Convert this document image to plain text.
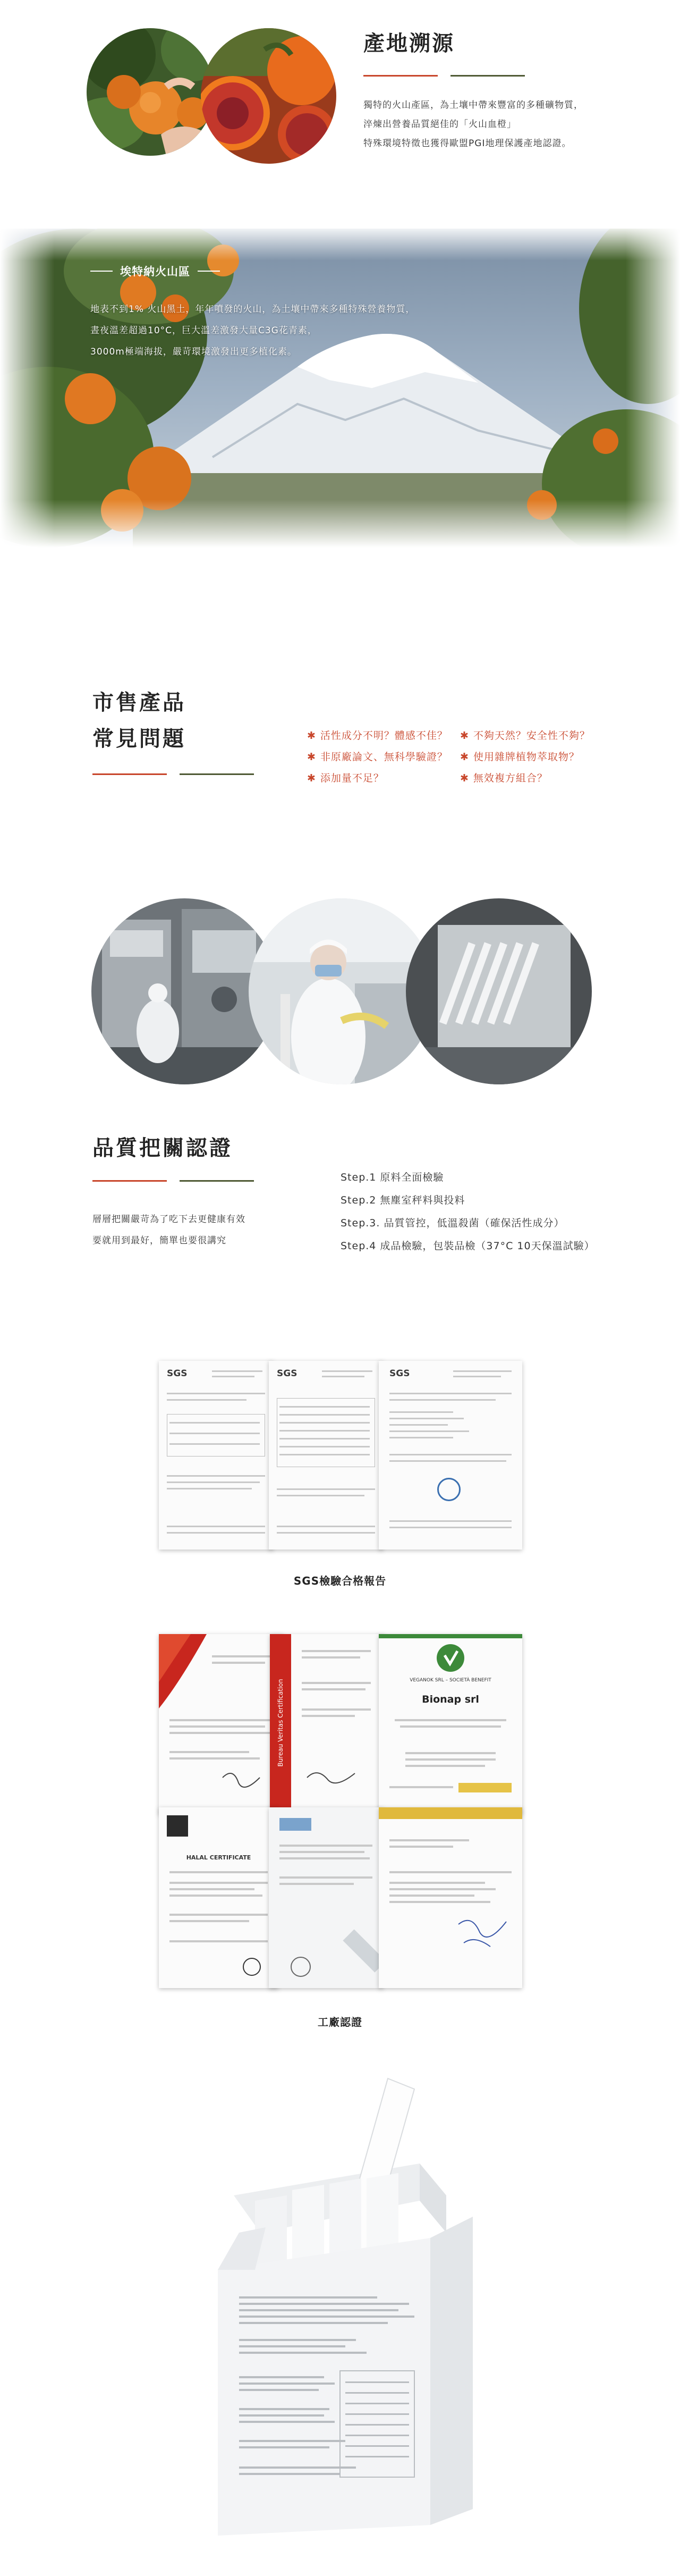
產地溯源
獨特的火山產區，為土壤中帶來豐富的多種礦物質，
淬煉出營養品質絕佳的「火山血橙」
特殊環境特徵也獲得歐盟PGI地理保護產地認證。
埃特納火山區
地表不到1% 火山黑土，年年噴發的火山，為土壤中帶來多種特殊營養物質，
晝夜溫差超過10°C，巨大溫差激發大量C3G花青素，
3000m極端海拔，嚴苛環境激發出更多植化素。
市售產品
常見問題	✱ 活性成分不明？體感不佳？
✱ 非原廠論文、無科學驗證？
✱ 添加量不足？
✱ 不夠天然？安全性不夠？
✱ 使用雜牌植物萃取物？
✱ 無效複方組合？
品質把關認證
層層把關嚴苛為了吃下去更健康有效
要就用到最好，簡單也要很講究
Step.1 原料全面檢驗
Step.2 無塵室秤料與投料
Step.3. 品質管控，低溫殺菌（確保活性成分）
Step.4 成品檢驗，包裝品檢（37°C 10天保溫試驗）
SGS	SGS	SGS
SGS檢驗合格報告
Bureau Veritas Certification	VEGANOK SRL – SOCIETÀ BENEFIT
Bionap srl
HALAL CERTIFICATE
工廠認證
